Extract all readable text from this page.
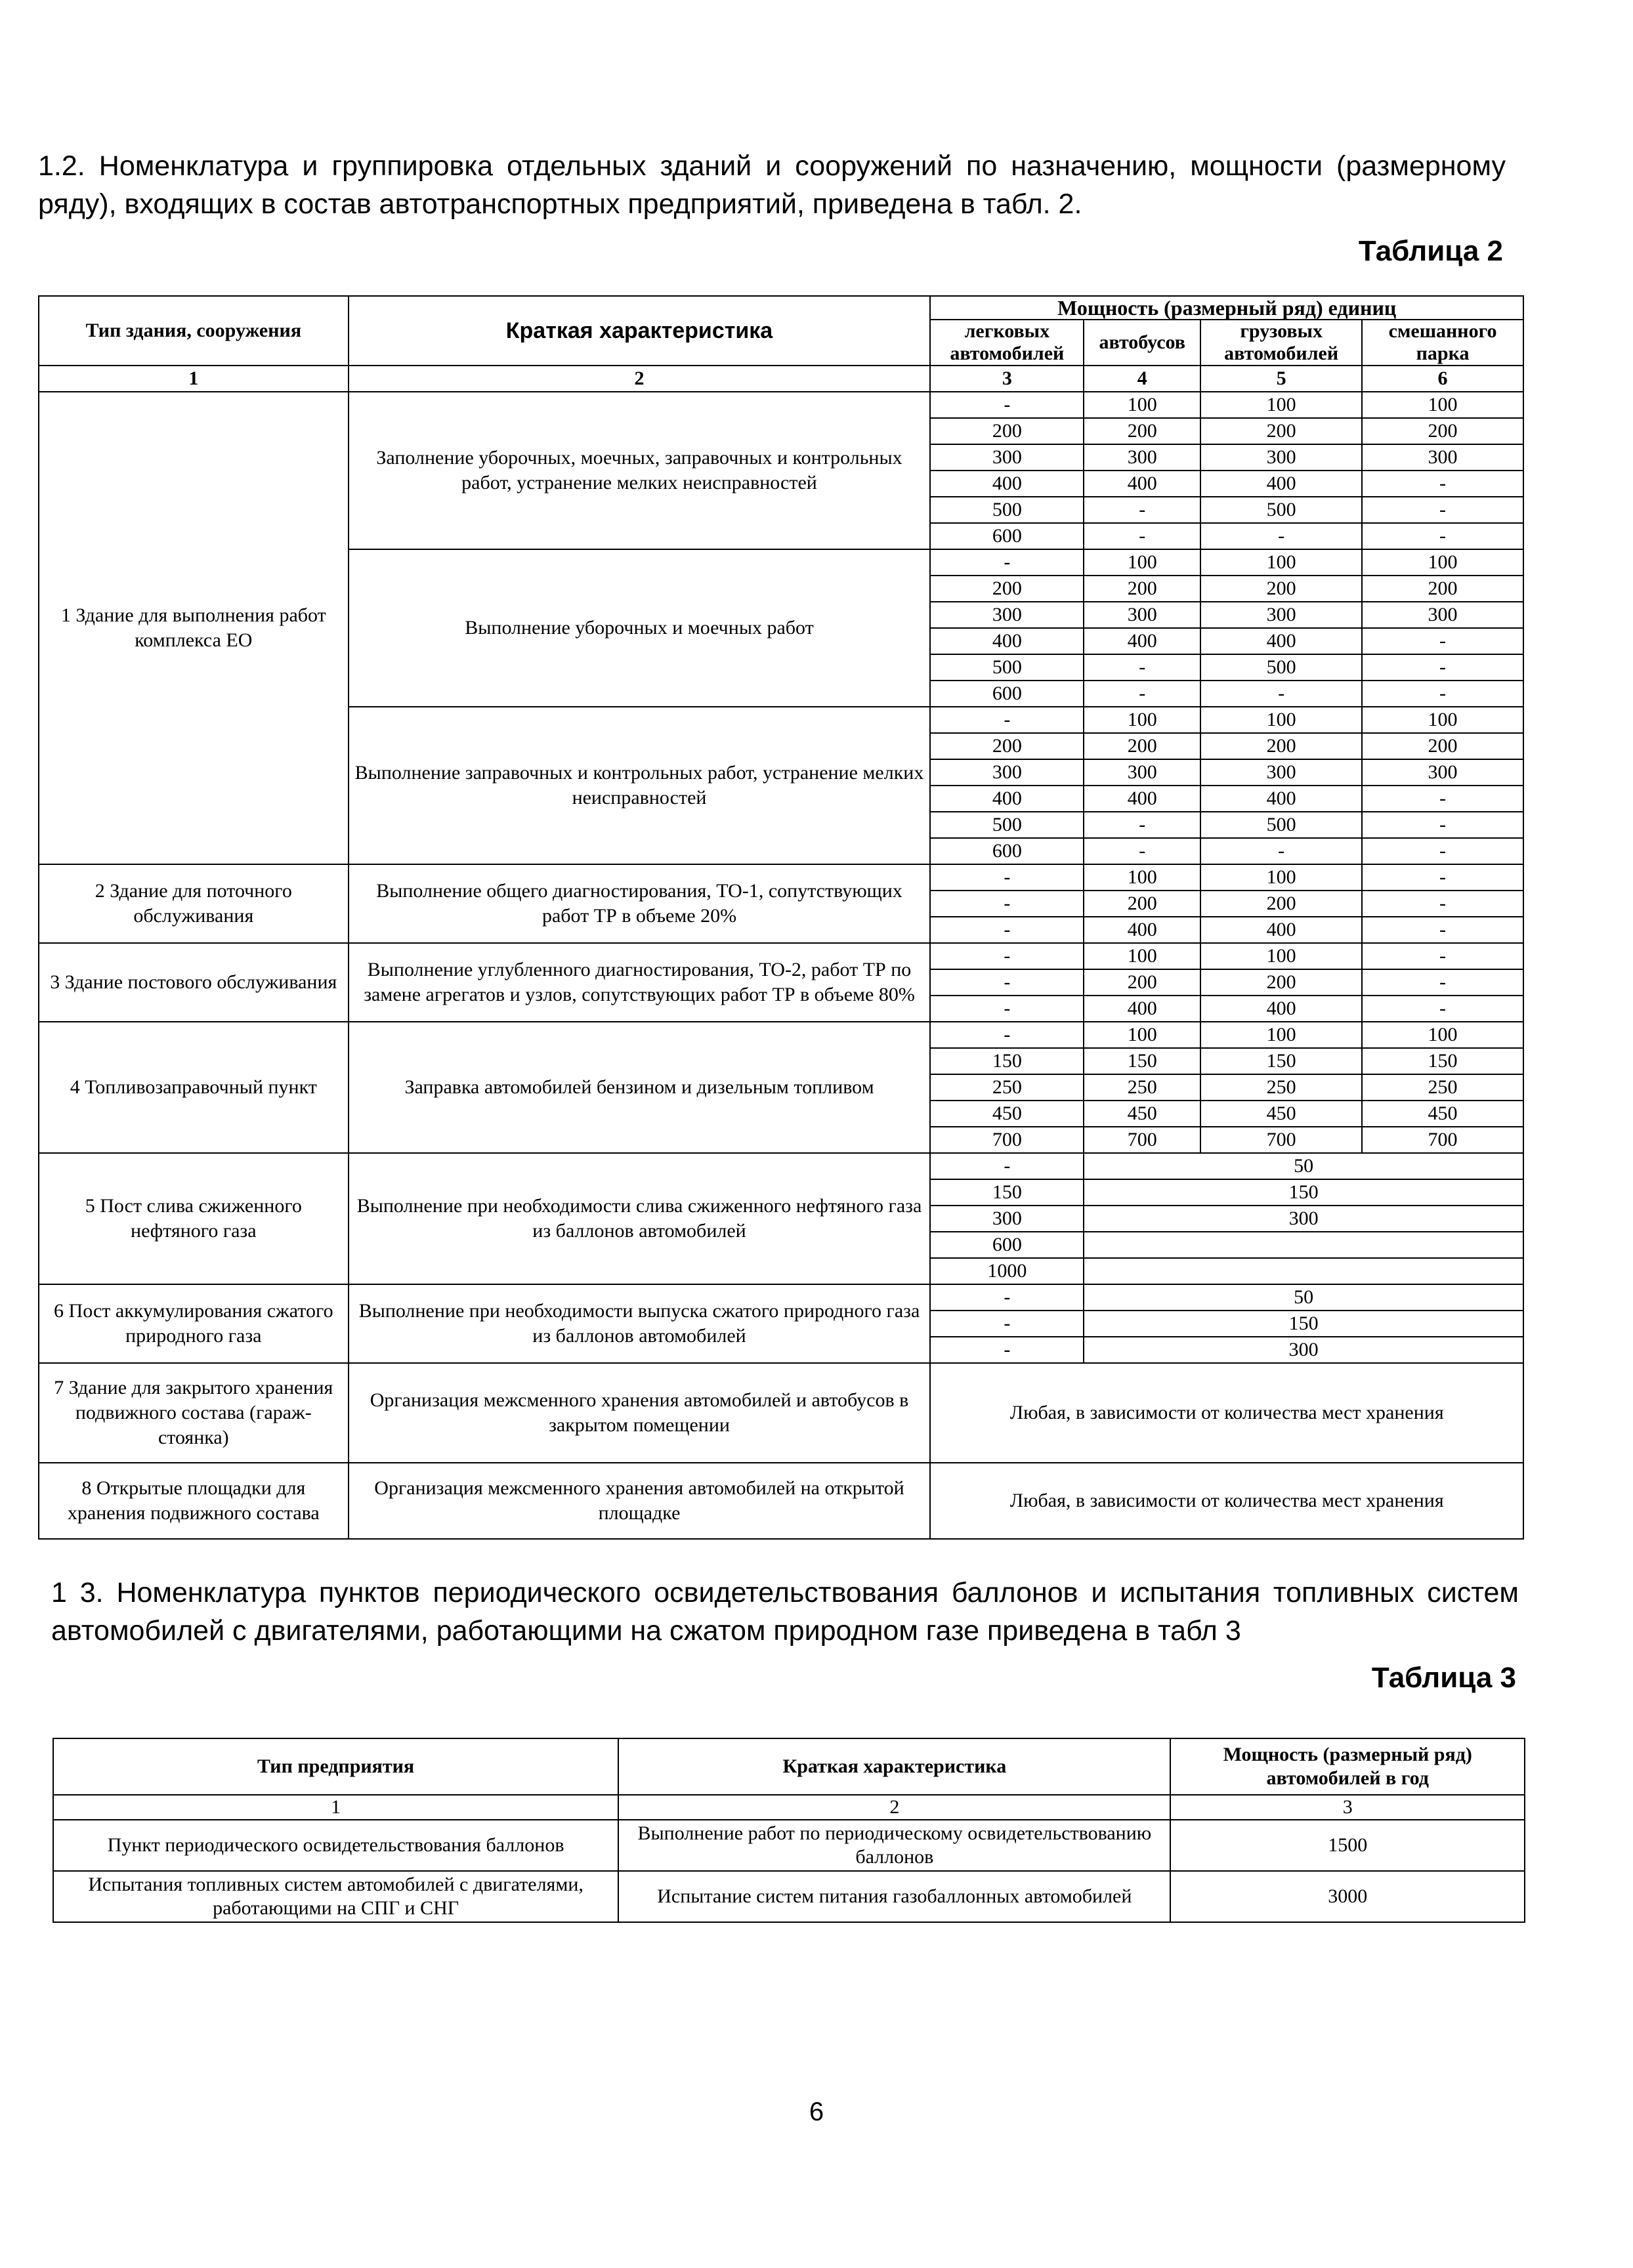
1.2. Номенклатура и группировка отдельных зданий и сооружений по назначению, мощности (размерному ряду), входящих в состав автотранспортных предприятий, приведена в табл. 2.
Таблица 2
Тип здания, сооружения	Краткая характеристика	Мощность (размерный ряд) единиц			
		легковых автомобилей	автобусов	грузовых автомобилей	смешанного парка
1	2	3	4	5	6
1 Здание для выполнения работ комплекса ЕО	Заполнение уборочных, моечных, заправочных и контрольных работ, устранение мелких неисправностей	-	100	100	100
		200	200	200	200
		300	300	300	300
		400	400	400	-
		500	-	500	-
		600	-	-	-
	Выполнение уборочных и моечных работ	-	100	100	100
		200	200	200	200
		300	300	300	300
		400	400	400	-
		500	-	500	-
		600	-	-	-
	Выполнение заправочных и контрольных работ, устранение мелких неисправностей	-	100	100	100
		200	200	200	200
		300	300	300	300
		400	400	400	-
		500	-	500	-
		600	-	-	-
2 Здание для поточного обслуживания	Выполнение общего диагностирования, ТО-1, сопутствующих работ ТР в объеме 20%	-	100	100	-
		-	200	200	-
		-	400	400	-
3 Здание постового обслуживания	Выполнение углубленного диагностирования, ТО-2, работ ТР по замене агрегатов и узлов, сопутствующих работ ТР в объеме 80%	-	100	100	-
		-	200	200	-
		-	400	400	-
4 Топливозаправочный пункт	Заправка автомобилей бензином и дизельным топливом	-	100	100	100
		150	150	150	150
		250	250	250	250
		450	450	450	450
		700	700	700	700
5 Пост слива сжиженного нефтяного газа	Выполнение при необходимости слива сжиженного нефтяного газа из баллонов автомобилей	-	50		
		150	150		
		300	300		
		600			
		1000			
6 Пост аккумулирования сжатого природного газа	Выполнение при необходимости выпуска сжатого природного газа из баллонов автомобилей	-	50		
		-	150		
		-	300		
7 Здание для закрытого хранения подвижного состава (гараж-стоянка)	Организация межсменного хранения автомобилей и автобусов в закрытом помещении	Любая, в зависимости от количества мест хранения			
8 Открытые площадки для хранения подвижного состава	Организация межсменного хранения автомобилей на открытой площадке	Любая, в зависимости от количества мест хранения			
1 3. Номенклатура пунктов периодического освидетельствования баллонов и испытания топливных систем автомобилей с двигателями, работающими на сжатом природном газе приведена в табл 3
Таблица 3
Тип предприятия	Краткая характеристика	Мощность (размерный ряд) автомобилей в год
1	2	3
Пункт периодического освидетельствования баллонов	Выполнение работ по периодическому освидетельствованию баллонов	1500
Испытания топливных систем автомобилей с двигателями, работающими на СПГ и СНГ	Испытание систем питания газобаллонных автомобилей	3000
6
